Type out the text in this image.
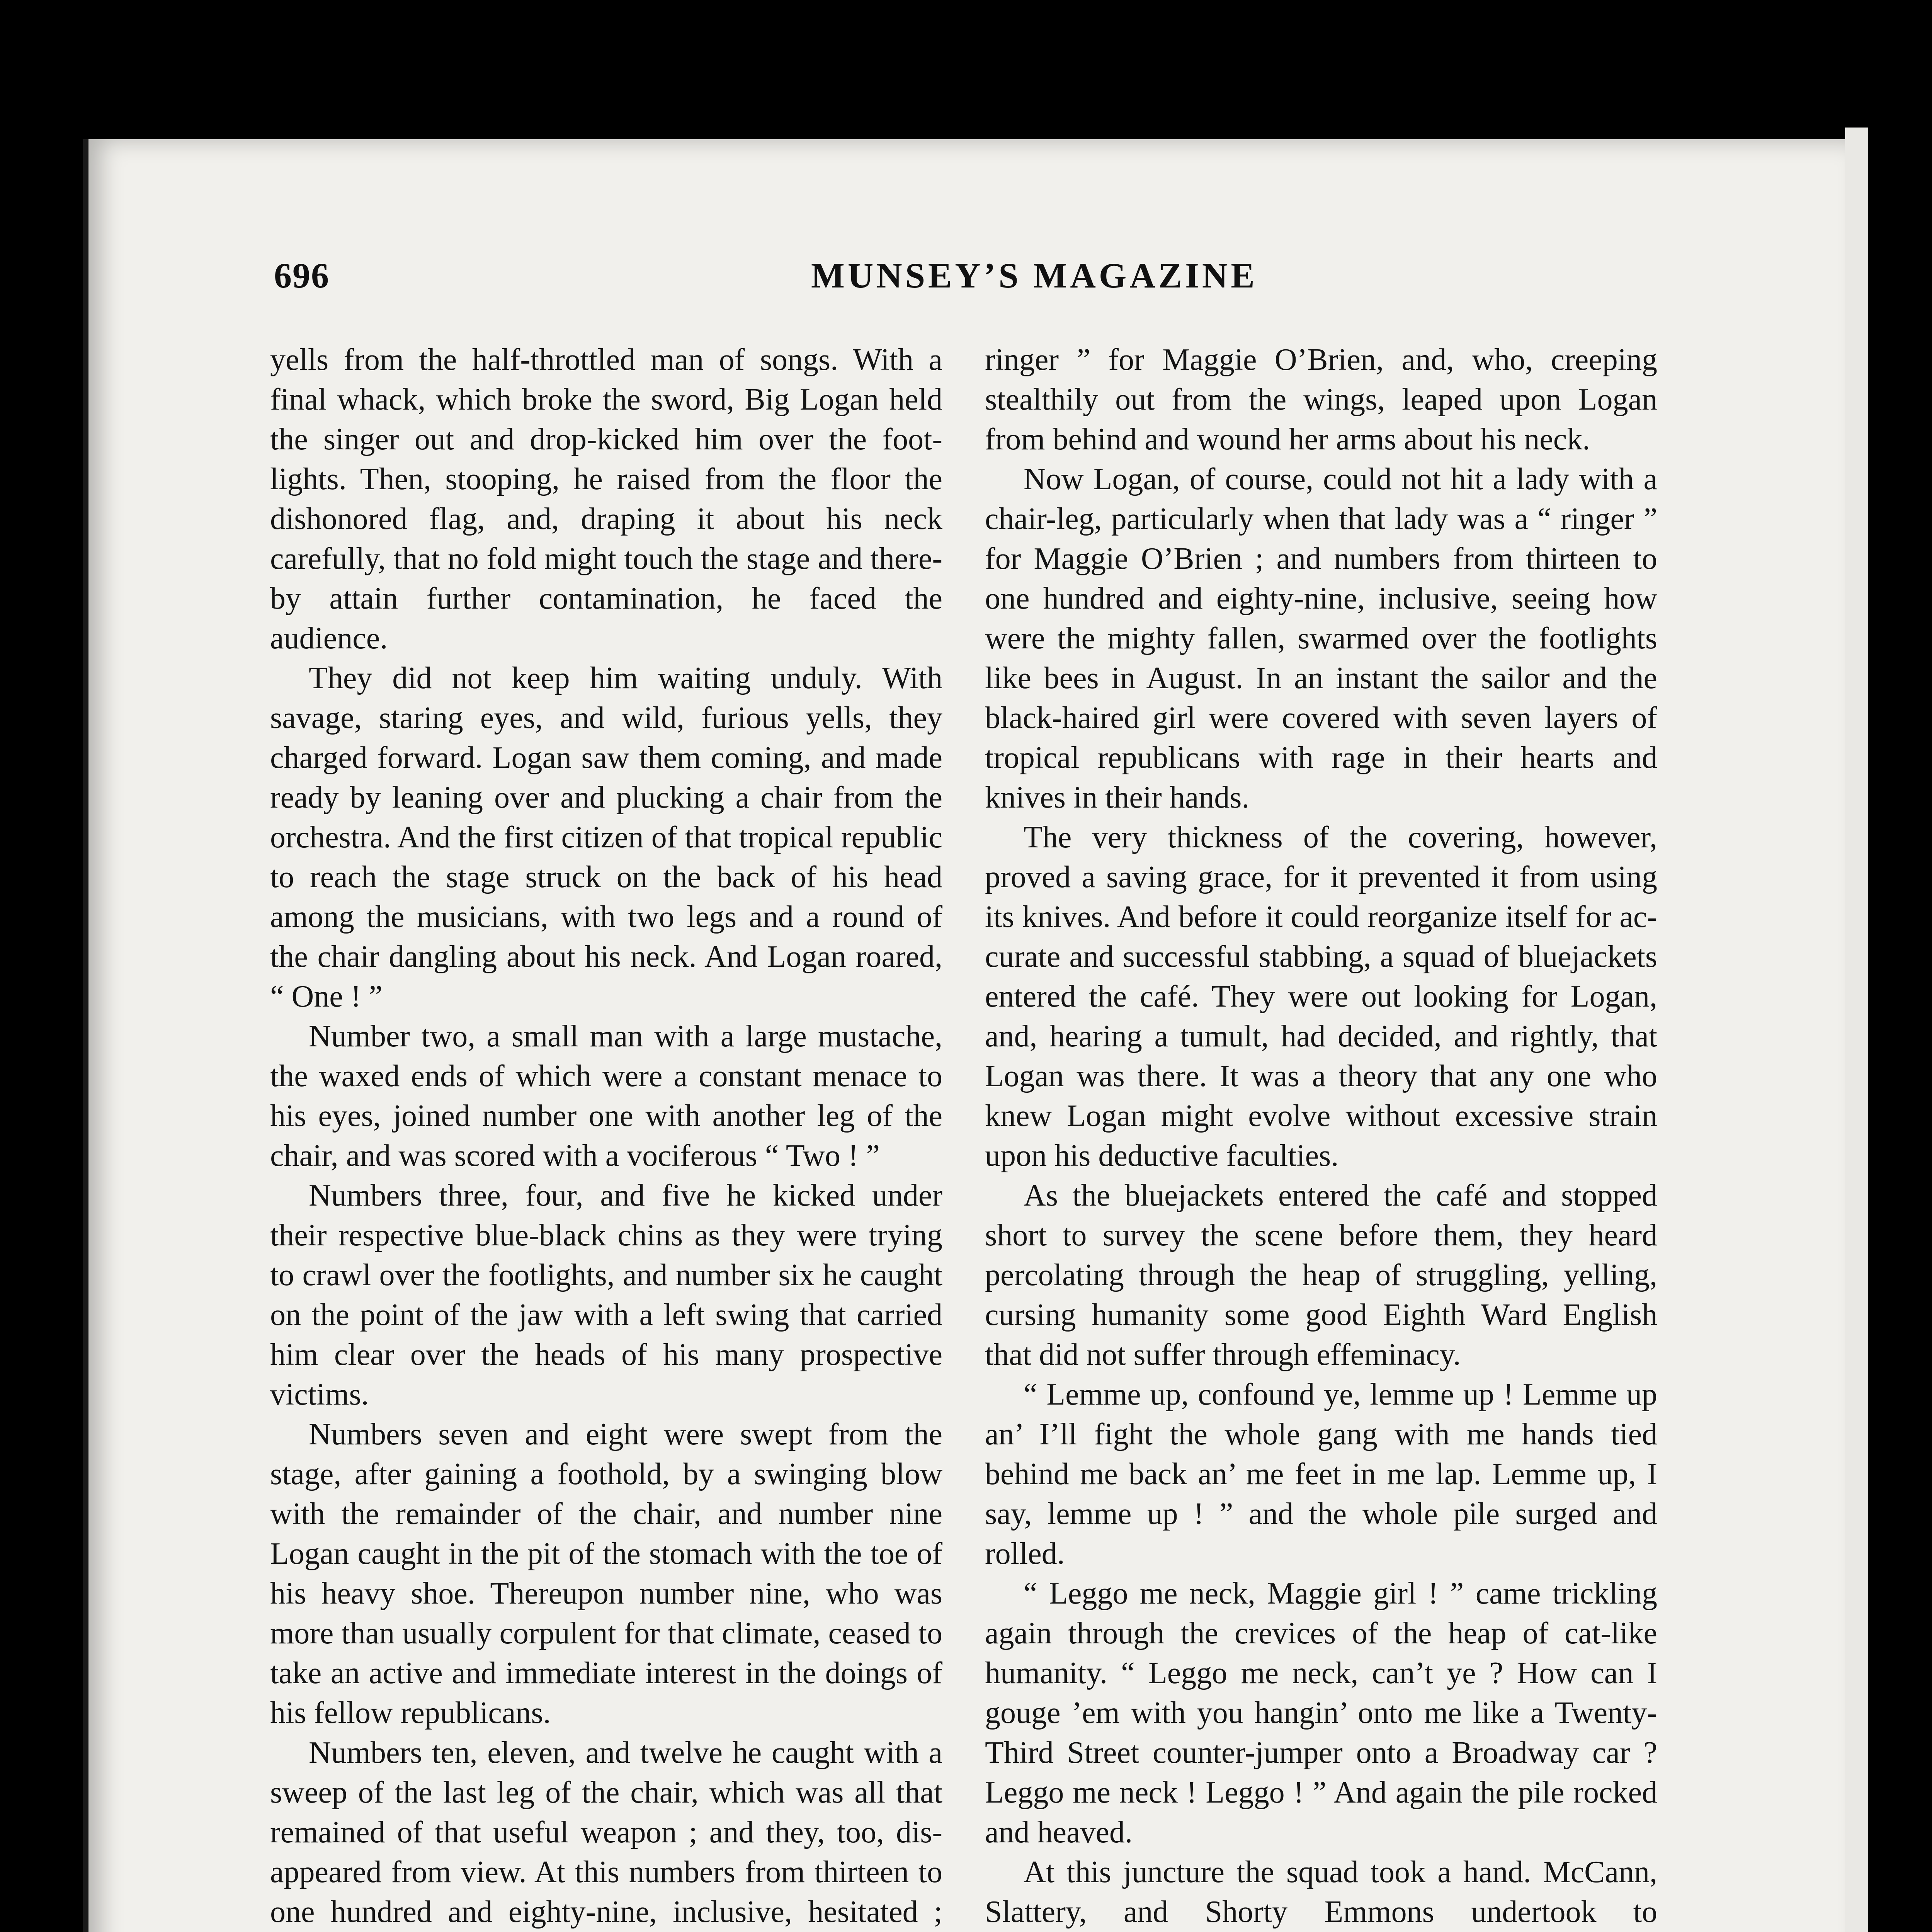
696	MUNSEY’S MAGAZINE

yells from the half-throttled man of songs. With a final whack, which broke the sword, Big Logan held the singer out and drop-kicked him over the footlights. Then, stooping, he raised from the floor the dishonored flag, and, draping it about his neck carefully, that no fold might touch the stage and thereby attain further contamination, he faced the audience.

They did not keep him waiting unduly. With savage, staring eyes, and wild, furious yells, they charged forward. Logan saw them coming, and made ready by leaning over and plucking a chair from the orchestra. And the first citizen of that tropical republic to reach the stage struck on the back of his head among the musicians, with two legs and a round of the chair dangling about his neck. And Logan roared, “ One ! ”

Number two, a small man with a large mustache, the waxed ends of which were a constant menace to his eyes, joined number one with another leg of the chair, and was scored with a vociferous “ Two ! ”

Numbers three, four, and five he kicked under their respective blue-black chins as they were trying to crawl over the footlights, and number six he caught on the point of the jaw with a left swing that carried him clear over the heads of his many prospective victims.

Numbers seven and eight were swept from the stage, after gaining a foothold, by a swinging blow with the remainder of the chair, and number nine Logan caught in the pit of the stomach with the toe of his heavy shoe. Thereupon number nine, who was more than usually corpulent for that climate, ceased to take an active and immediate interest in the doings of his fellow republicans.

Numbers ten, eleven, and twelve he caught with a sweep of the last leg of the chair, which was all that remained of that useful weapon ; and they, too, disappeared from view. At this numbers from thirteen to one hundred and eighty-nine, inclusive, hesitated ;

ringer ” for Maggie O’Brien, and, who, creeping stealthily out from the wings, leaped upon Logan from behind and wound her arms about his neck.

Now Logan, of course, could not hit a lady with a chair-leg, particularly when that lady was a “ ringer ” for Maggie O’Brien ; and numbers from thirteen to one hundred and eighty-nine, inclusive, seeing how were the mighty fallen, swarmed over the footlights like bees in August. In an instant the sailor and the black-haired girl were covered with seven layers of tropical republicans with rage in their hearts and knives in their hands.

The very thickness of the covering, however, proved a saving grace, for it prevented it from using its knives. And before it could reorganize itself for accurate and successful stabbing, a squad of bluejackets entered the café. They were out looking for Logan, and, hearing a tumult, had decided, and rightly, that Logan was there. It was a theory that any one who knew Logan might evolve without excessive strain upon his deductive faculties.

As the bluejackets entered the café and stopped short to survey the scene before them, they heard percolating through the heap of struggling, yelling, cursing humanity some good Eighth Ward English that did not suffer through effeminacy.

“ Lemme up, confound ye, lemme up ! Lemme up an’ I’ll fight the whole gang with me hands tied behind me back an’ me feet in me lap. Lemme up, I say, lemme up ! ” and the whole pile surged and rolled.

“ Leggo me neck, Maggie girl ! ” came trickling again through the crevices of the heap of cat-like humanity. “ Leggo me neck, can’t ye ? How can I gouge ’em with you hangin’ onto me like a Twenty-Third Street counter-jumper onto a Broadway car ? Leggo me neck ! Leggo ! ” And again the pile rocked and heaved.

At this juncture the squad took a hand. McCann, Slattery, and Shorty Emmons undertook to
